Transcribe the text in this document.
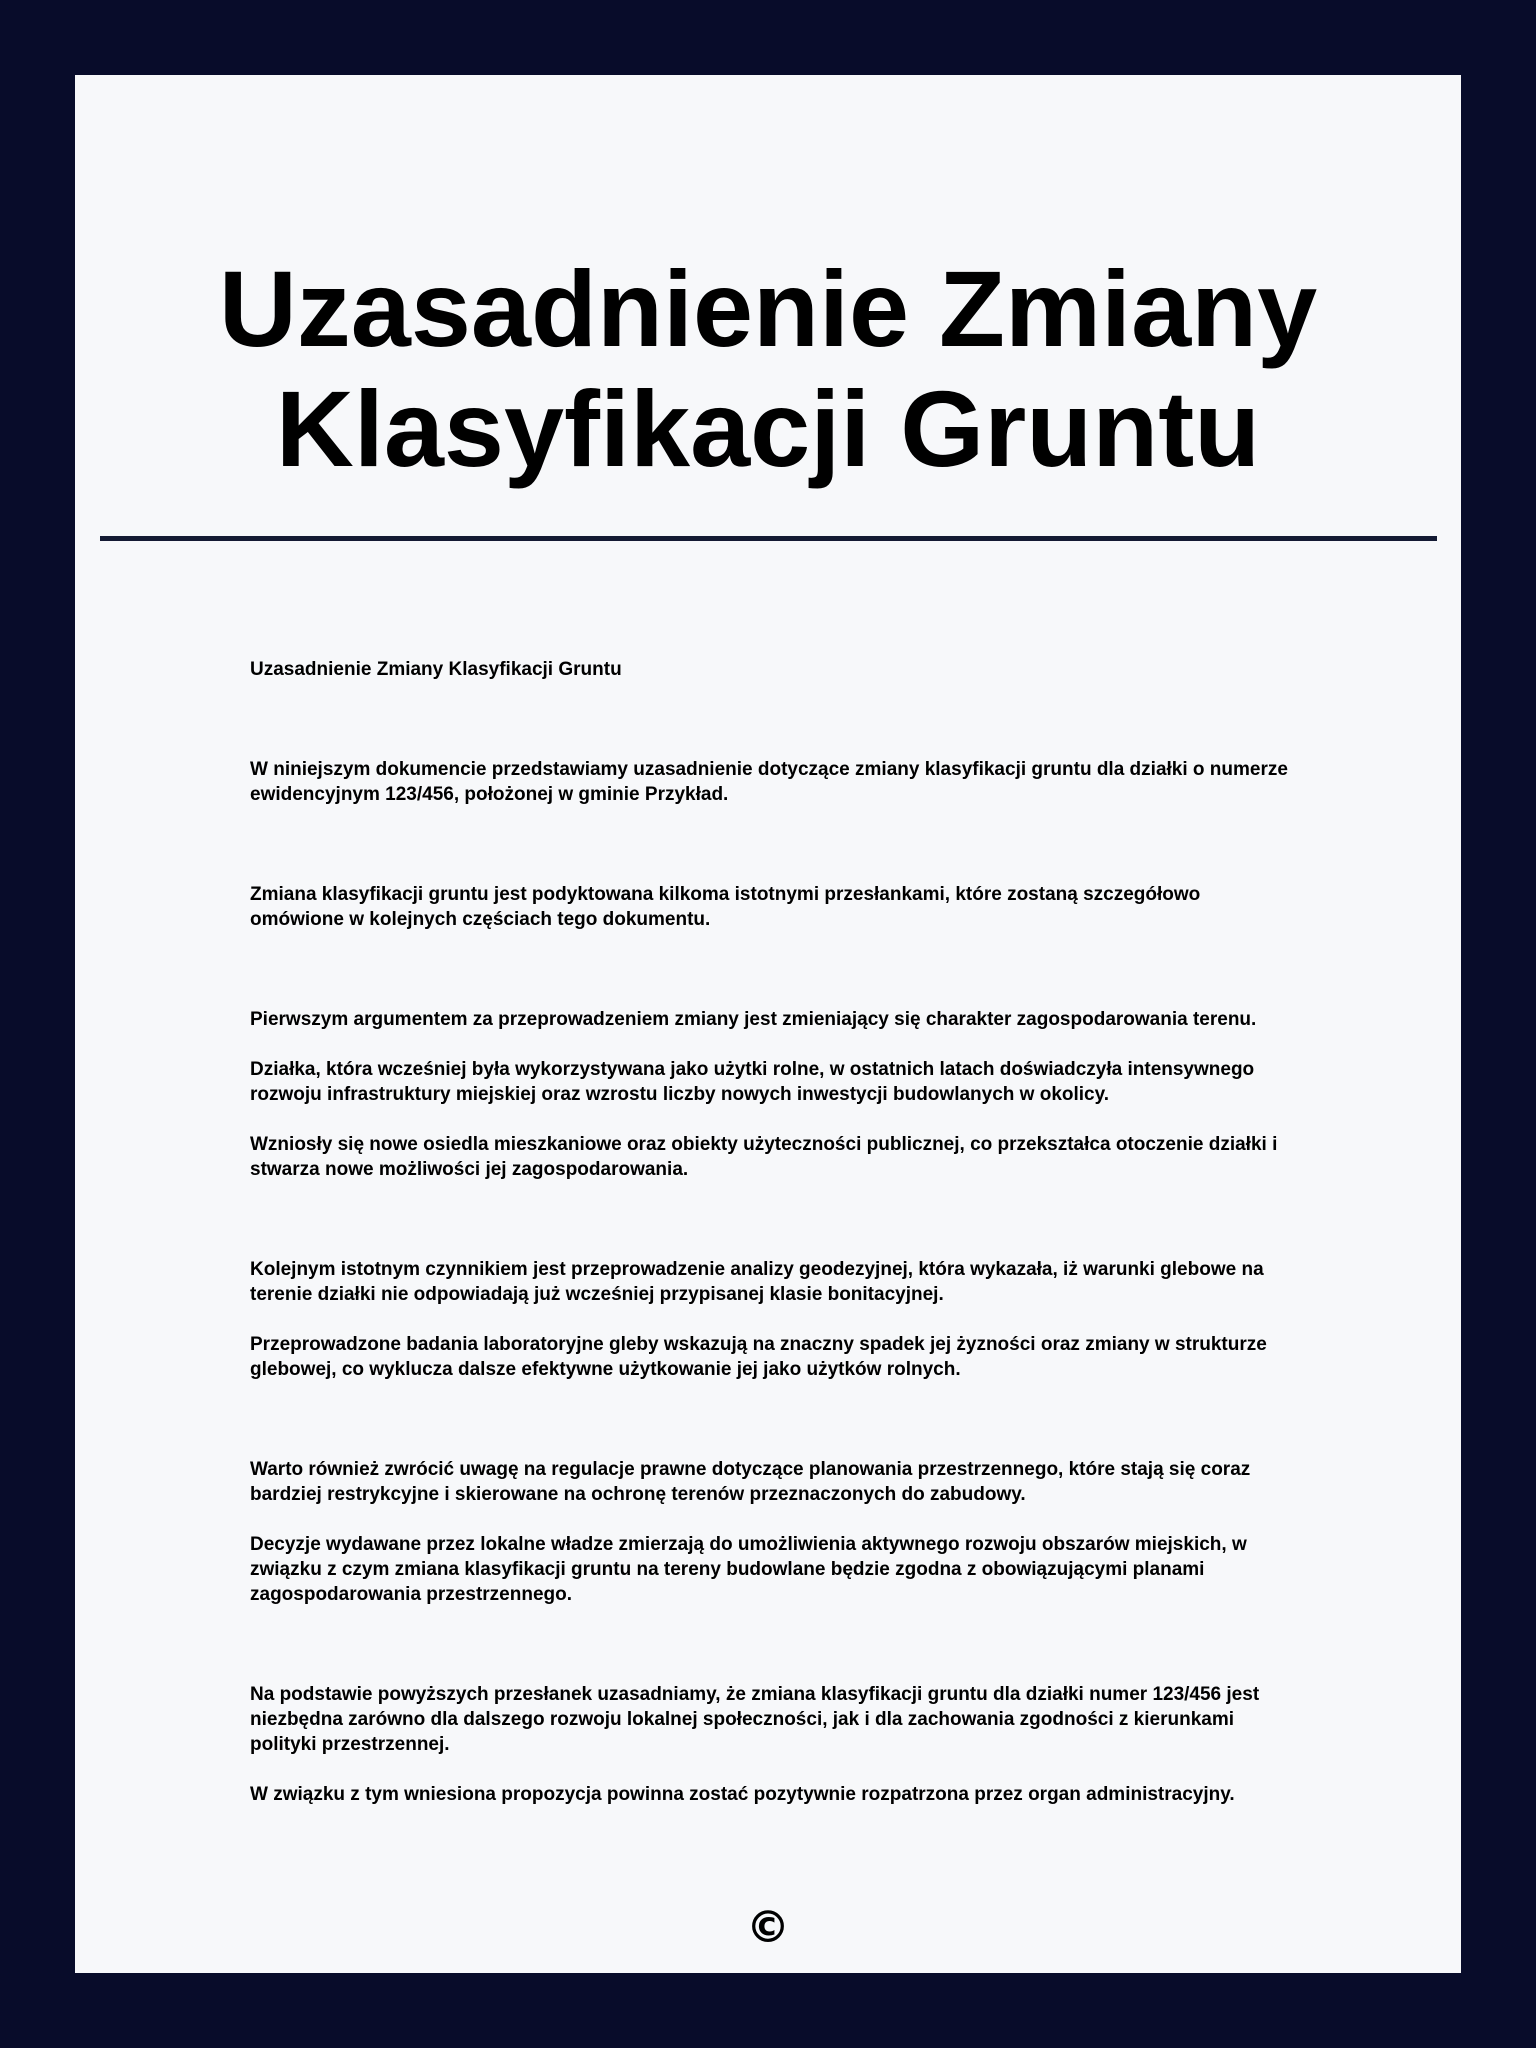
Uzasadnienie Zmiany Klasyfikacji Gruntu

Uzasadnienie Zmiany Klasyfikacji Gruntu

W niniejszym dokumencie przedstawiamy uzasadnienie dotyczące zmiany klasyfikacji gruntu dla działki o numerze ewidencyjnym 123/456, położonej w gminie Przykład.

Zmiana klasyfikacji gruntu jest podyktowana kilkoma istotnymi przesłankami, które zostaną szczegółowo omówione w kolejnych częściach tego dokumentu.

Pierwszym argumentem za przeprowadzeniem zmiany jest zmieniający się charakter zagospodarowania terenu.

Działka, która wcześniej była wykorzystywana jako użytki rolne, w ostatnich latach doświadczyła intensywnego rozwoju infrastruktury miejskiej oraz wzrostu liczby nowych inwestycji budowlanych w okolicy.

Wzniosły się nowe osiedla mieszkaniowe oraz obiekty użyteczności publicznej, co przekształca otoczenie działki i stwarza nowe możliwości jej zagospodarowania.

Kolejnym istotnym czynnikiem jest przeprowadzenie analizy geodezyjnej, która wykazała, iż warunki glebowe na terenie działki nie odpowiadają już wcześniej przypisanej klasie bonitacyjnej.

Przeprowadzone badania laboratoryjne gleby wskazują na znaczny spadek jej żyzności oraz zmiany w strukturze glebowej, co wyklucza dalsze efektywne użytkowanie jej jako użytków rolnych.

Warto również zwrócić uwagę na regulacje prawne dotyczące planowania przestrzennego, które stają się coraz bardziej restrykcyjne i skierowane na ochronę terenów przeznaczonych do zabudowy.

Decyzje wydawane przez lokalne władze zmierzają do umożliwienia aktywnego rozwoju obszarów miejskich, w związku z czym zmiana klasyfikacji gruntu na tereny budowlane będzie zgodna z obowiązującymi planami zagospodarowania przestrzennego.

Na podstawie powyższych przesłanek uzasadniamy, że zmiana klasyfikacji gruntu dla działki numer 123/456 jest niezbędna zarówno dla dalszego rozwoju lokalnej społeczności, jak i dla zachowania zgodności z kierunkami polityki przestrzennej.

W związku z tym wniesiona propozycja powinna zostać pozytywnie rozpatrzona przez organ administracyjny.

©
